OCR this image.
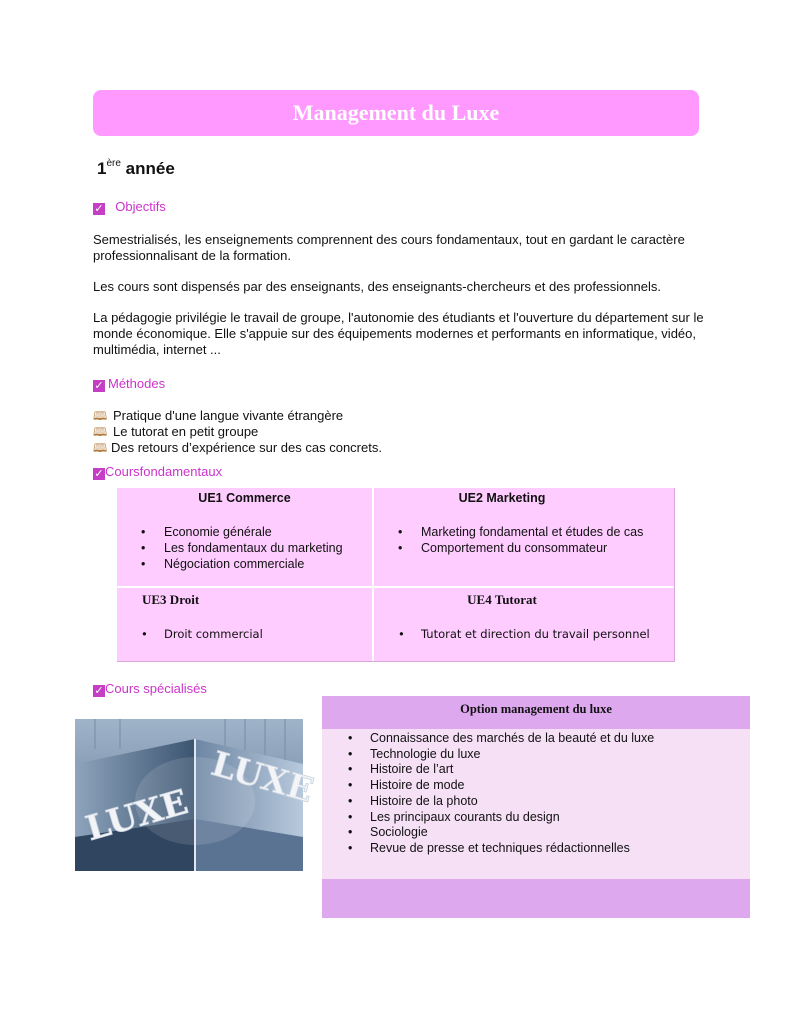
Management du Luxe
1ère année
✓ Objectifs

Semestrialisés, les enseignements comprennent des cours fondamentaux, tout en gardant le caractère professionnalisant de la formation.

Les cours sont dispensés par des enseignants, des enseignants-chercheurs et des professionnels.

La pédagogie privilégie le travail de groupe, l'autonomie des étudiants et l'ouverture du département sur le monde économique. Elle s'appuie sur des équipements modernes et performants en informatique, vidéo, multimédia, internet ...

✓ Méthodes
🕮 Pratique d'une langue vivante étrangère
🕮 Le tutorat en petit groupe
🕮 Des retours d’expérience sur des cas concrets.
✓Coursfondamentaux
UE1 Commerce
• Economie générale
• Les fondamentaux du marketing
• Négociation commerciale
UE2 Marketing
• Marketing fondamental et études de cas
• Comportement du consommateur
UE3 Droit
• Droit commercial
UE4 Tutorat
• Tutorat et direction du travail personnel
✓Cours spécialisés
LUXE
LUXE
Option management du luxe
• Connaissance des marchés de la beauté et du luxe
• Technologie du luxe
• Histoire de l’art
• Histoire de mode
• Histoire de la photo
• Les principaux courants du design
• Sociologie
• Revue de presse et techniques rédactionnelles
